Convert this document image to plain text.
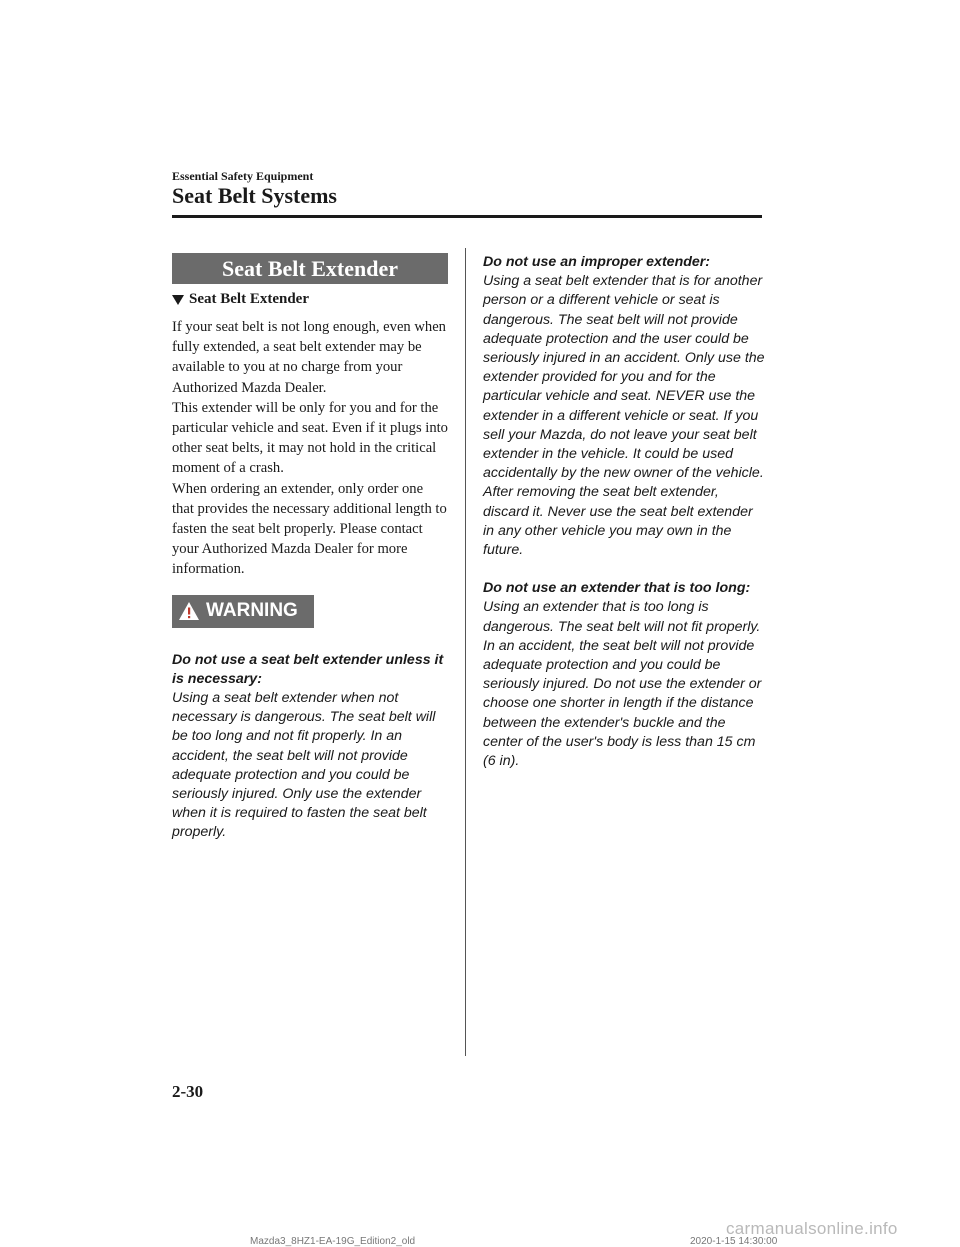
Essential Safety Equipment
Seat Belt Systems
Seat Belt Extender
Seat Belt Extender

If your seat belt is not long enough, even when fully extended, a seat belt extender may be available to you at no charge from your Authorized Mazda Dealer.

This extender will be only for you and for the particular vehicle and seat. Even if it plugs into other seat belts, it may not hold in the critical moment of a crash.

When ordering an extender, only order one that provides the necessary additional length to fasten the seat belt properly. Please contact your Authorized Mazda Dealer for more information.

WARNING
Do not use a seat belt extender unless it is necessary:
Using a seat belt extender when not necessary is dangerous. The seat belt will be too long and not fit properly. In an accident, the seat belt will not provide adequate protection and you could be seriously injured. Only use the extender when it is required to fasten the seat belt properly.
Do not use an improper extender:
Using a seat belt extender that is for another person or a different vehicle or seat is dangerous. The seat belt will not provide adequate protection and the user could be seriously injured in an accident. Only use the extender provided for you and for the particular vehicle and seat. NEVER use the extender in a different vehicle or seat. If you sell your Mazda, do not leave your seat belt extender in the vehicle. It could be used accidentally by the new owner of the vehicle. After removing the seat belt extender, discard it. Never use the seat belt extender in any other vehicle you may own in the future.
Do not use an extender that is too long:
Using an extender that is too long is dangerous. The seat belt will not fit properly. In an accident, the seat belt will not provide adequate protection and you could be seriously injured. Do not use the extender or choose one shorter in length if the distance between the extender's buckle and the center of the user's body is less than 15 cm (6 in).
2-30
Mazda3_8HZ1-EA-19G_Edition2_old	2020-1-15 14:30:00
carmanualsonline.info
